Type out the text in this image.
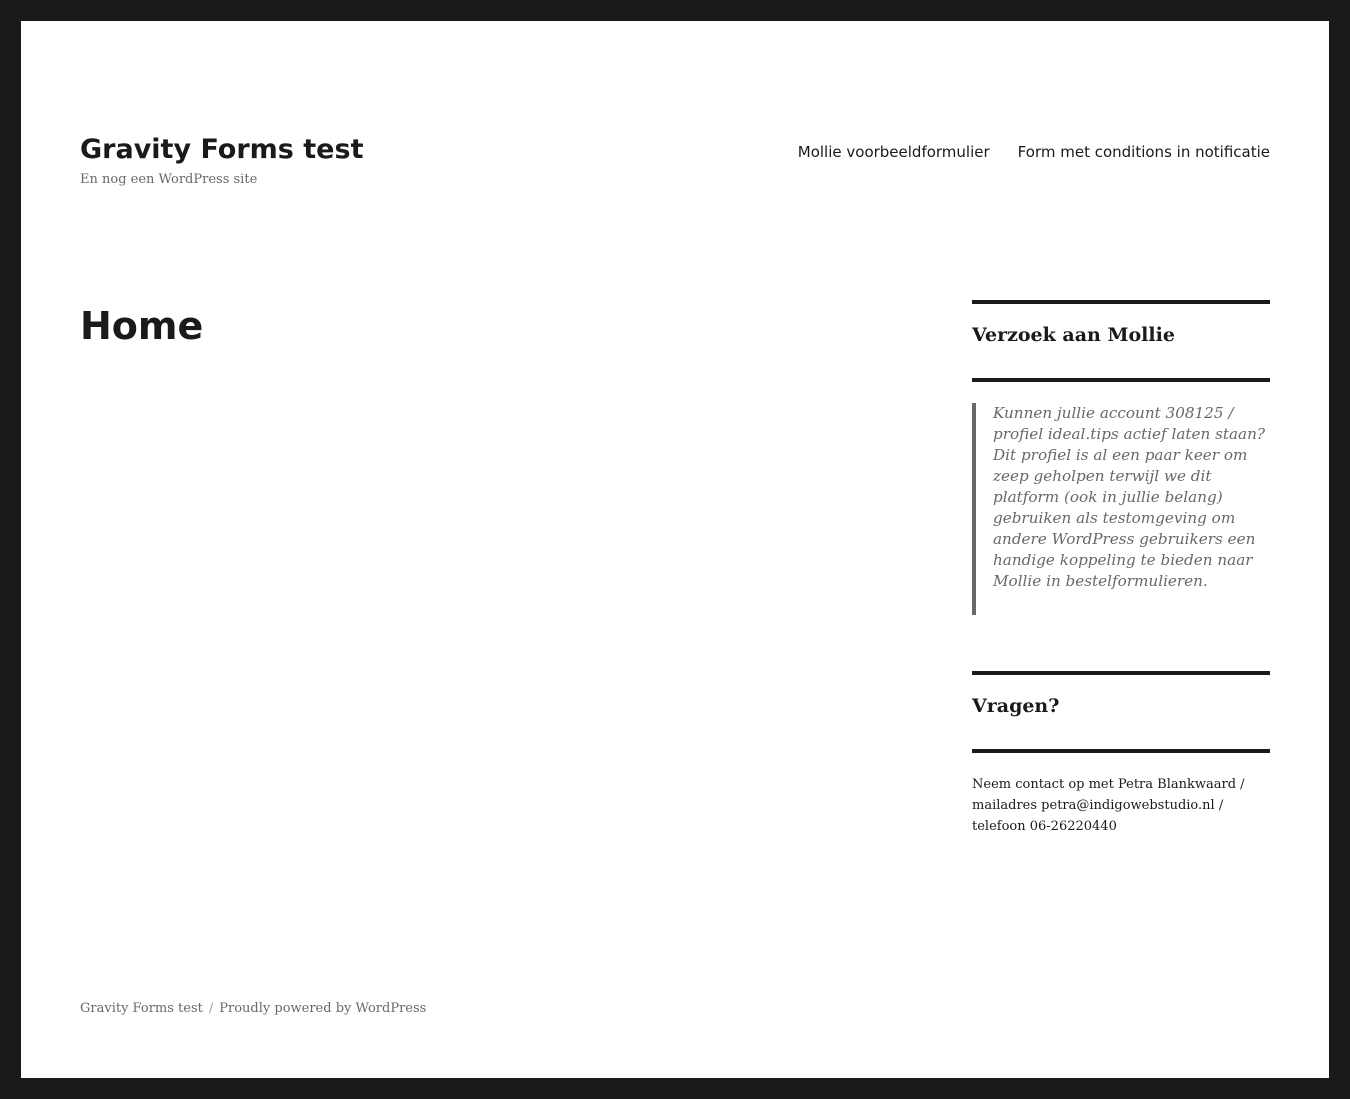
Gravity Forms test
En nog een WordPress site
Mollie voorbeeldformulier Form met conditions in notificatie
Home	Verzoek aan Mollie
Kunnen jullie account 308125 / profiel ideal.tips actief laten staan? Dit profiel is al een paar keer om zeep geholpen terwijl we dit platform (ook in jullie belang) gebruiken als testomgeving om andere WordPress gebruikers een handige koppeling te bieden naar Mollie in bestelformulieren.
Vragen?
Neem contact op met Petra Blankwaard /
mailadres petra@indigowebstudio.nl /
telefoon 06-26220440
Gravity Forms test / Proudly powered by WordPress
